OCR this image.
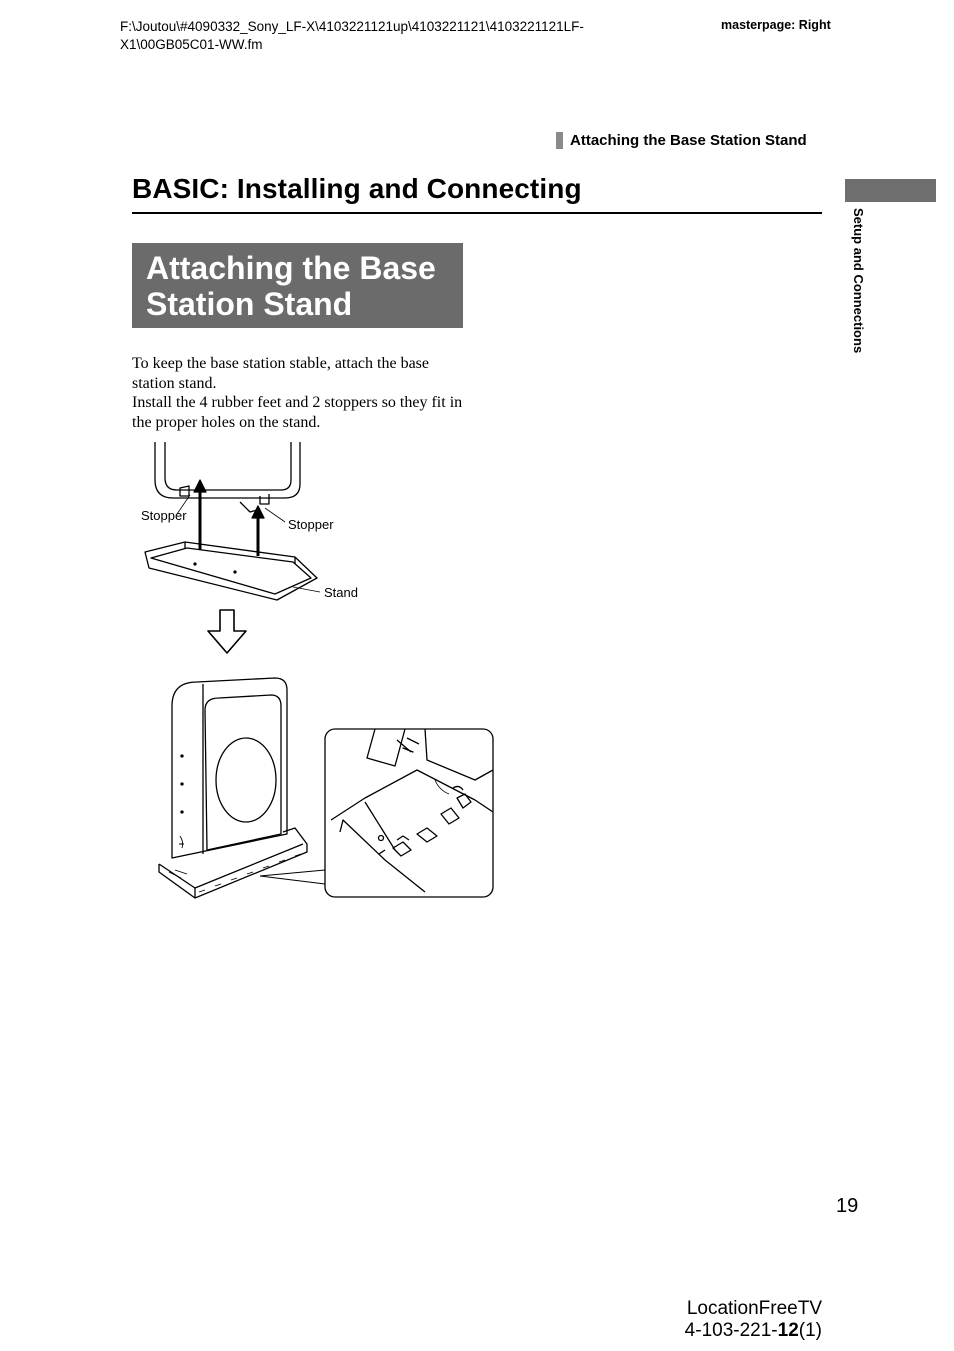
F:\Joutou\#4090332_Sony_LF-X\4103221121up\4103221121\4103221121LF-X1\00GB05C01-WW.fm
masterpage: Right
Attaching the Base Station Stand
BASIC: Installing and Connecting
Setup and Connections
Attaching the Base
Station Stand

To keep the base station stable, attach the base station stand.

Install the 4 rubber feet and 2 stoppers so they fit in the proper holes on the stand.

Stopper
Stopper
Stand
19
LocationFreeTV
4-103-221-12(1)
